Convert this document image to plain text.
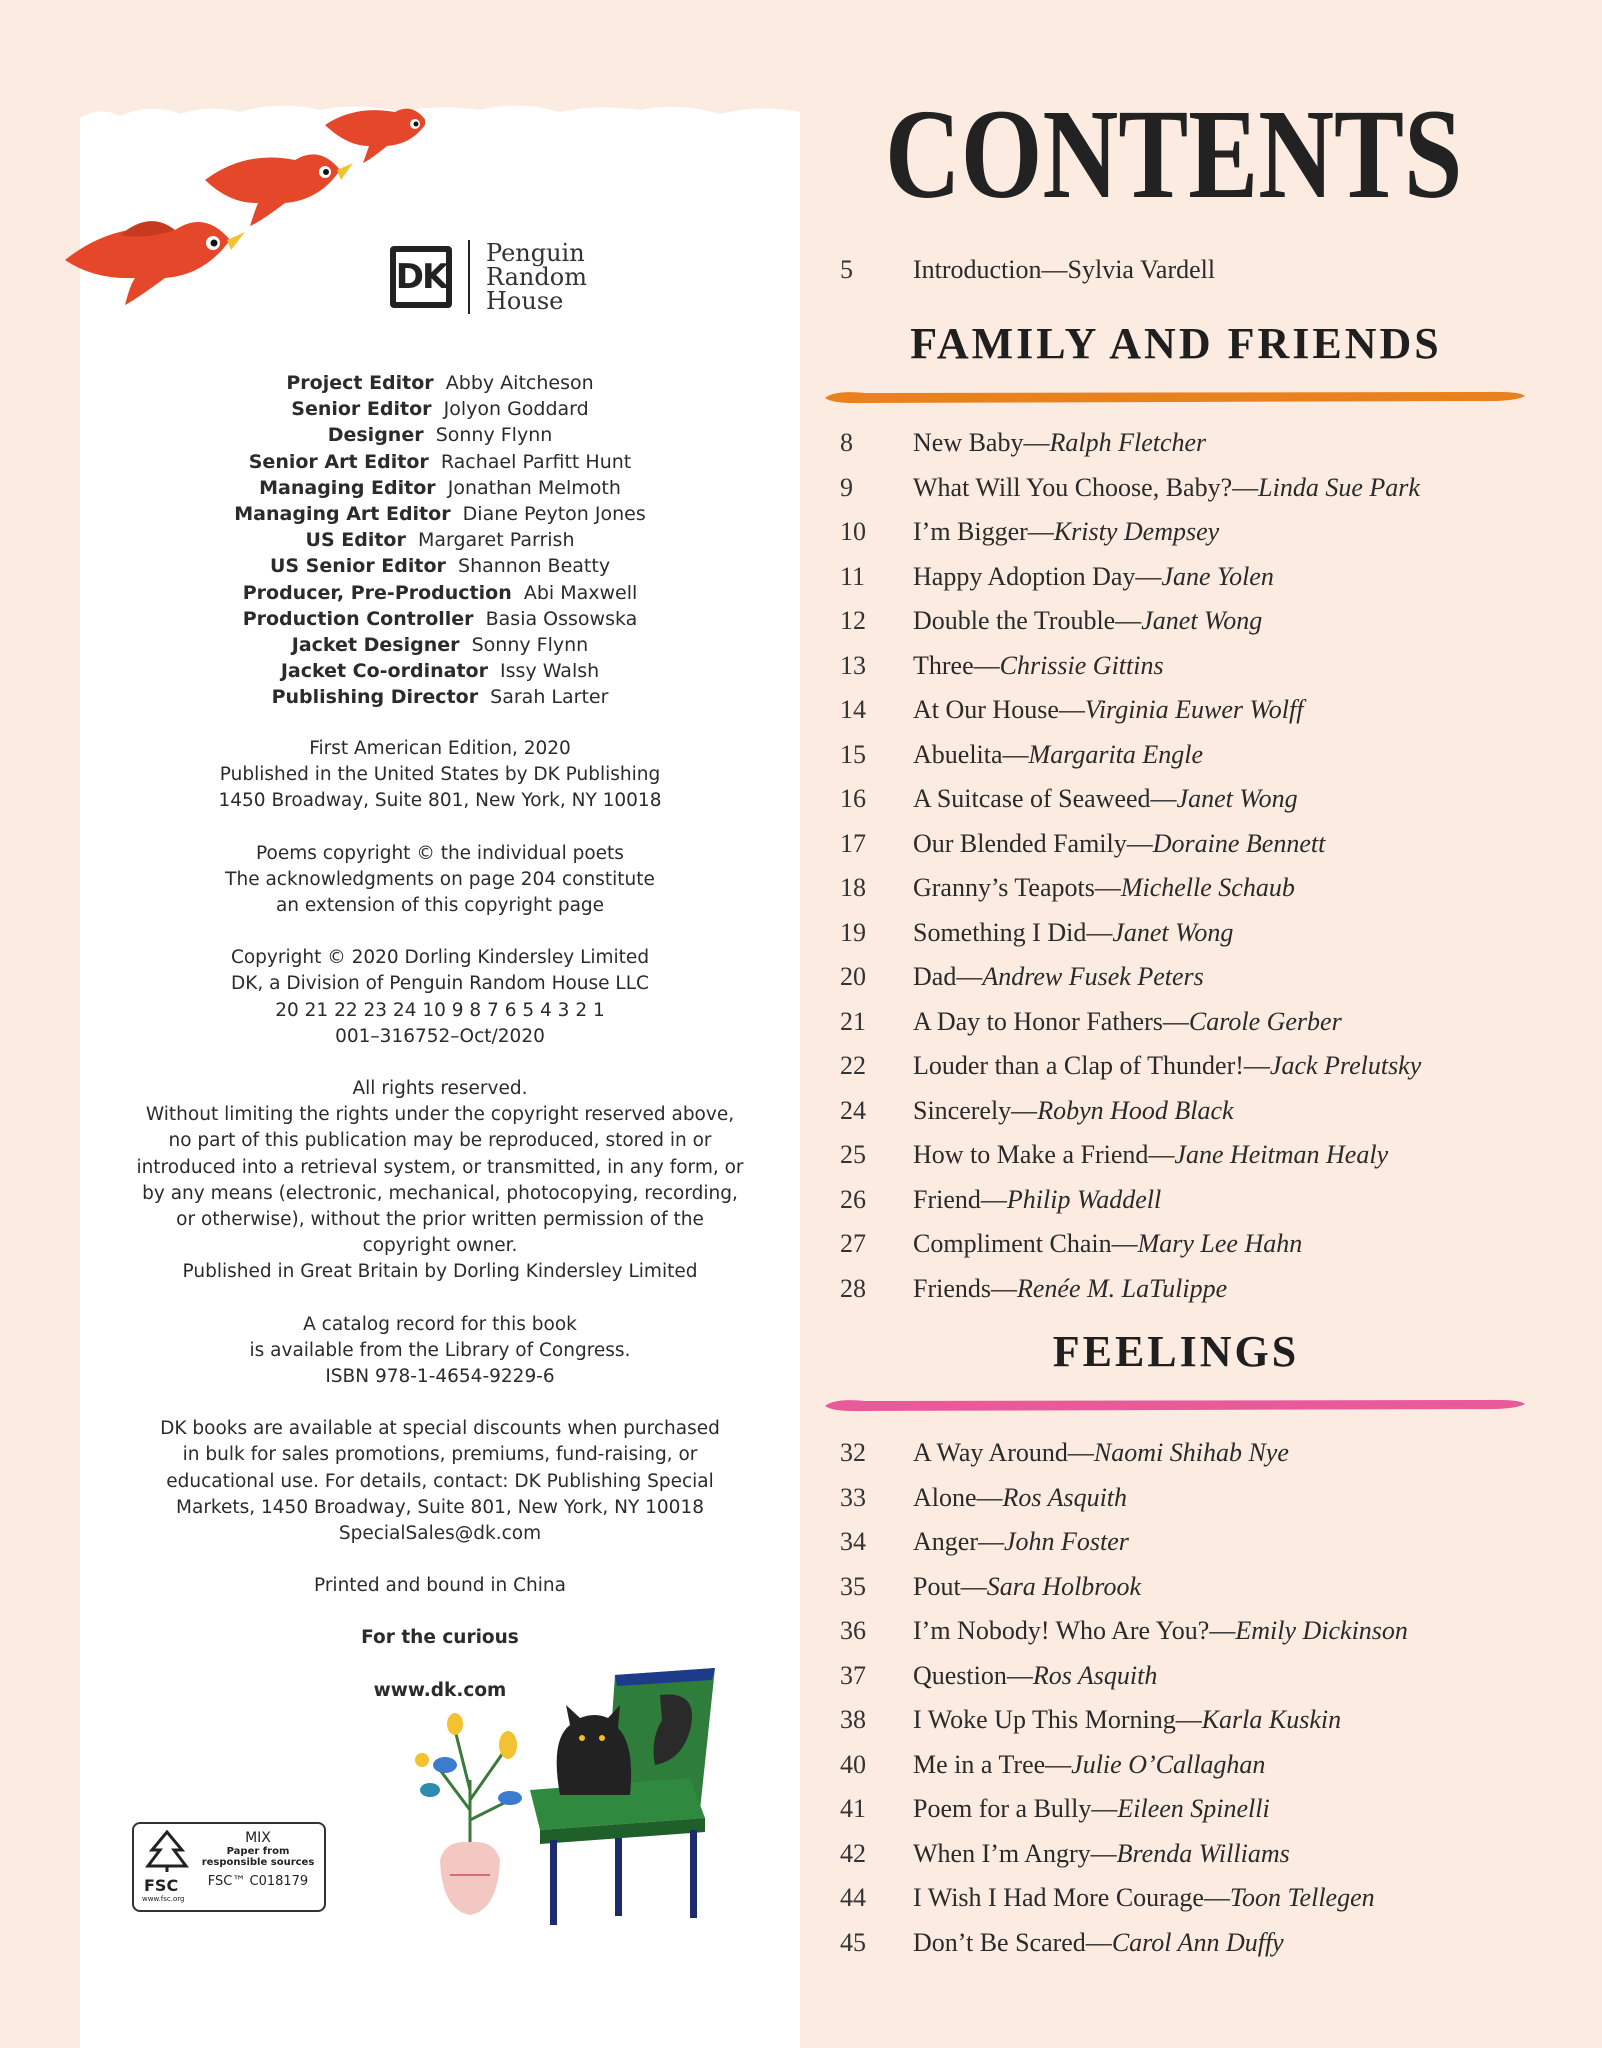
DK
Penguin
Random
House
Project Editor Abby Aitcheson
Senior Editor Jolyon Goddard
Designer Sonny Flynn
Senior Art Editor Rachael Parfitt Hunt
Managing Editor Jonathan Melmoth
Managing Art Editor Diane Peyton Jones
US Editor Margaret Parrish
US Senior Editor Shannon Beatty
Producer, Pre-Production Abi Maxwell
Production Controller Basia Ossowska
Jacket Designer Sonny Flynn
Jacket Co-ordinator Issy Walsh
Publishing Director Sarah Larter

First American Edition, 2020
Published in the United States by DK Publishing
1450 Broadway, Suite 801, New York, NY 10018

Poems copyright © the individual poets
The acknowledgments on page 204 constitute
an extension of this copyright page

Copyright © 2020 Dorling Kindersley Limited
DK, a Division of Penguin Random House LLC
20 21 22 23 24 10 9 8 7 6 5 4 3 2 1
001–316752–Oct/2020

All rights reserved.
Without limiting the rights under the copyright reserved above,
no part of this publication may be reproduced, stored in or
introduced into a retrieval system, or transmitted, in any form, or
by any means (electronic, mechanical, photocopying, recording,
or otherwise), without the prior written permission of the
copyright owner.
Published in Great Britain by Dorling Kindersley Limited

A catalog record for this book
is available from the Library of Congress.
ISBN 978-1-4654-9229-6

DK books are available at special discounts when purchased
in bulk for sales promotions, premiums, fund-raising, or
educational use. For details, contact: DK Publishing Special
Markets, 1450 Broadway, Suite 801, New York, NY 10018
SpecialSales@dk.com

Printed and bound in China

For the curious

www.dk.com

FSC
www.fsc.org
MIX
Paper from
responsible sources
FSC™ C018179
CONTENTS
5	Introduction—Sylvia Vardell
FAMILY AND FRIENDS
8	New Baby—Ralph Fletcher
9	What Will You Choose, Baby?—Linda Sue Park
10	I’m Bigger—Kristy Dempsey
11	Happy Adoption Day—Jane Yolen
12	Double the Trouble—Janet Wong
13	Three—Chrissie Gittins
14	At Our House—Virginia Euwer Wolff
15	Abuelita—Margarita Engle
16	A Suitcase of Seaweed—Janet Wong
17	Our Blended Family—Doraine Bennett
18	Granny’s Teapots—Michelle Schaub
19	Something I Did—Janet Wong
20	Dad—Andrew Fusek Peters
21	A Day to Honor Fathers—Carole Gerber
22	Louder than a Clap of Thunder!—Jack Prelutsky
24	Sincerely—Robyn Hood Black
25	How to Make a Friend—Jane Heitman Healy
26	Friend—Philip Waddell
27	Compliment Chain—Mary Lee Hahn
28	Friends—Renée M. LaTulippe
FEELINGS
32	A Way Around—Naomi Shihab Nye
33	Alone—Ros Asquith
34	Anger—John Foster
35	Pout—Sara Holbrook
36	I’m Nobody! Who Are You?—Emily Dickinson
37	Question—Ros Asquith
38	I Woke Up This Morning—Karla Kuskin
40	Me in a Tree—Julie O’Callaghan
41	Poem for a Bully—Eileen Spinelli
42	When I’m Angry—Brenda Williams
44	I Wish I Had More Courage—Toon Tellegen
45	Don’t Be Scared—Carol Ann Duffy
